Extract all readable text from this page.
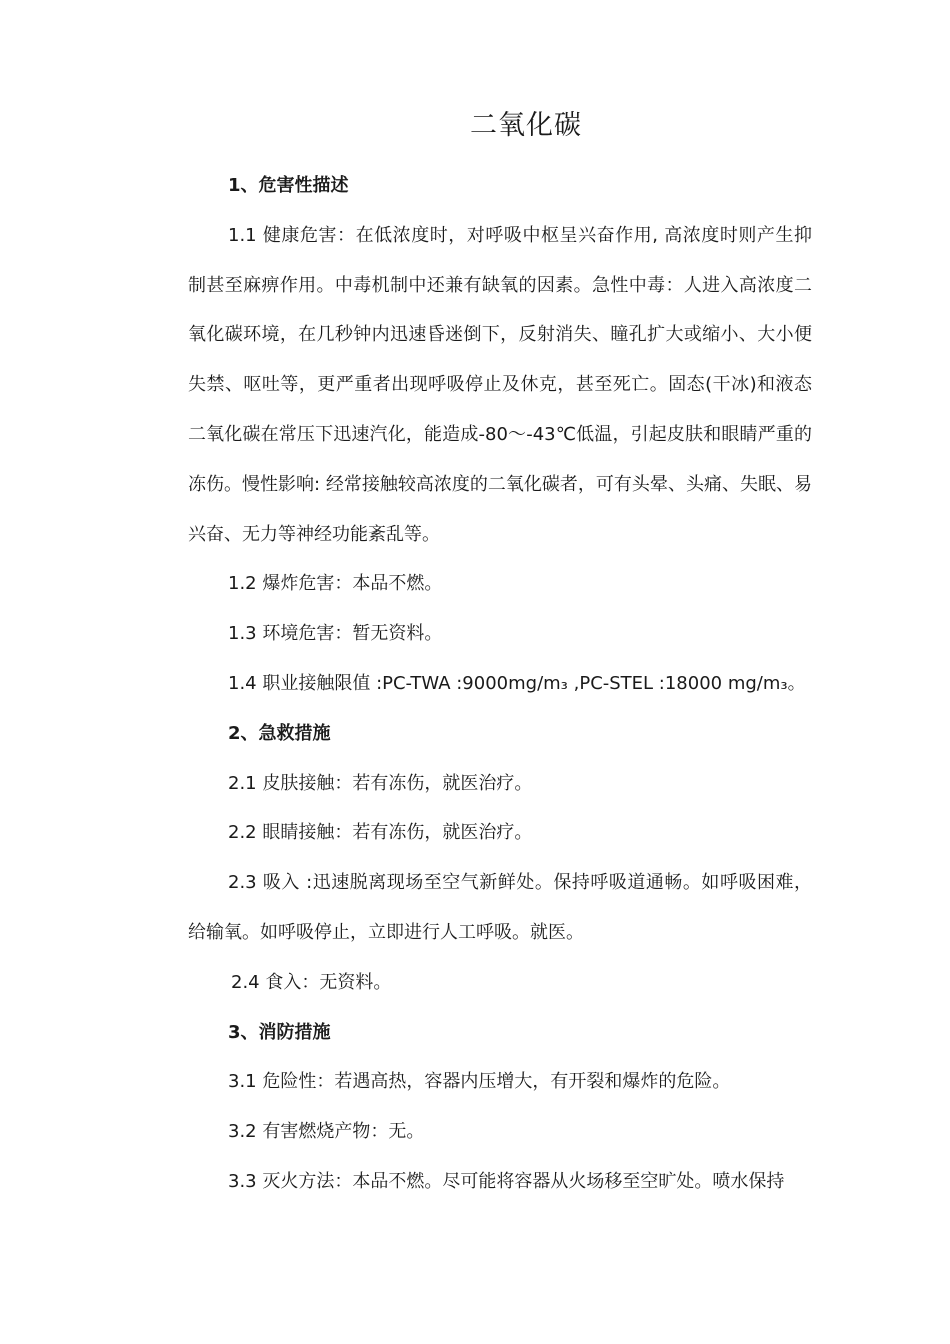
二氧化碳

1、危害性描述

1.1 健康危害：在低浓度时，对呼吸中枢呈兴奋作用, 高浓度时则产生抑制甚至麻痹作用。中毒机制中还兼有缺氧的因素。急性中毒：人进入高浓度二氧化碳环境，在几秒钟内迅速昏迷倒下，反射消失、瞳孔扩大或缩小、大小便失禁、呕吐等，更严重者出现呼吸停止及休克，甚至死亡。固态(干冰)和液态二氧化碳在常压下迅速汽化，能造成-80～-43℃低温，引起皮肤和眼睛严重的冻伤。慢性影响: 经常接触较高浓度的二氧化碳者，可有头晕、头痛、失眠、易兴奋、无力等神经功能紊乱等。

1.2 爆炸危害：本品不燃。

1.3 环境危害：暂无资料。

1.4 职业接触限值 :PC-TWA :9000mg/m₃ ,PC-STEL :18000 mg/m₃。

2、急救措施

2.1 皮肤接触：若有冻伤，就医治疗。

2.2 眼睛接触：若有冻伤，就医治疗。

2.3 吸入 :迅速脱离现场至空气新鲜处。保持呼吸道通畅。如呼吸困难，给输氧。如呼吸停止，立即进行人工呼吸。就医。

2.4 食入：无资料。

3、消防措施

3.1 危险性：若遇高热，容器内压增大，有开裂和爆炸的危险。

3.2 有害燃烧产物：无。

3.3 灭火方法：本品不燃。尽可能将容器从火场移至空旷处。喷水保持
